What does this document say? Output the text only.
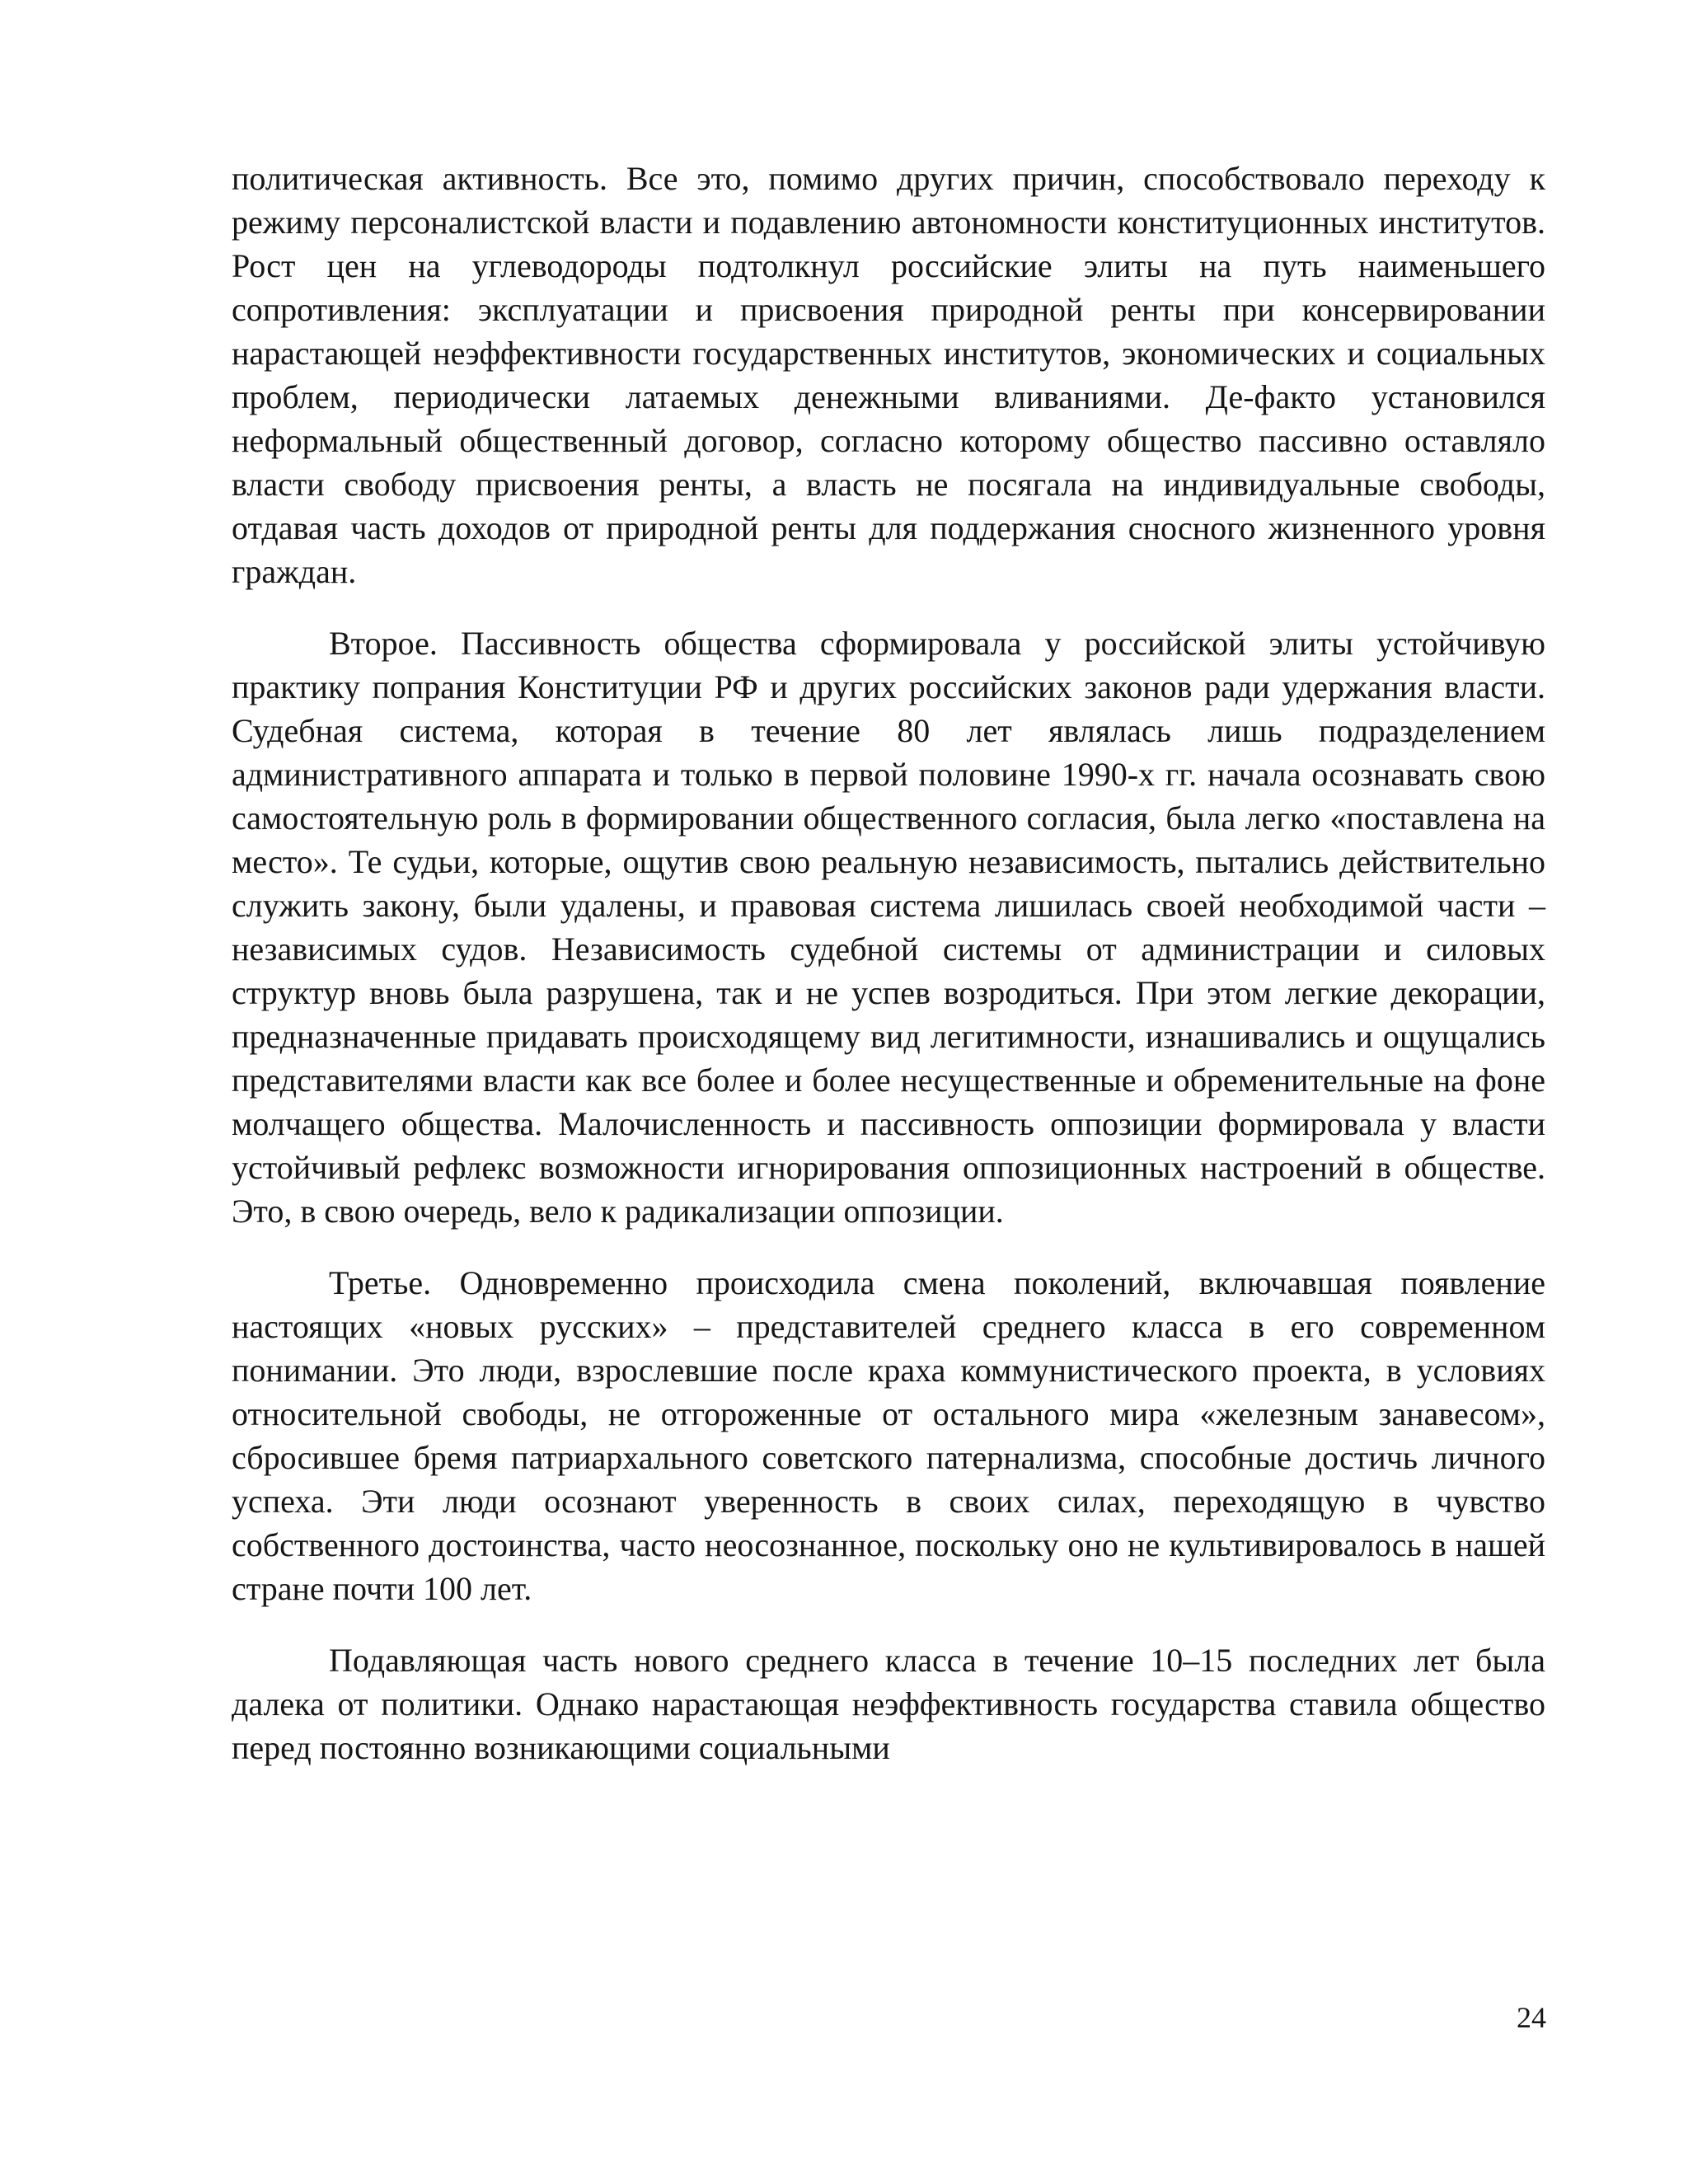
политическая активность. Все это, помимо других причин, способствовало переходу к режиму персоналистской власти и подавлению автономности конституционных институтов. Рост цен на углеводороды подтолкнул российские элиты на путь наименьшего сопротивления: эксплуатации и присвоения природной ренты при консервировании нарастающей неэффективности государственных институтов, экономических и социальных проблем, периодически латаемых денежными вливаниями. Де-факто установился неформальный общественный договор, согласно которому общество пассивно оставляло власти свободу присвоения ренты, а власть не посягала на индивидуальные свободы, отдавая часть доходов от природной ренты для поддержания сносного жизненного уровня граждан.

Второе. Пассивность общества сформировала у российской элиты устойчивую практику попрания Конституции РФ и других российских законов ради удержания власти. Судебная система, которая в течение 80 лет являлась лишь подразделением административного аппарата и только в первой половине 1990-х гг. начала осознавать свою самостоятельную роль в формировании общественного согласия, была легко «поставлена на место». Те судьи, которые, ощутив свою реальную независимость, пытались действительно служить закону, были удалены, и правовая система лишилась своей необходимой части – независимых судов. Независимость судебной системы от администрации и силовых структур вновь была разрушена, так и не успев возродиться. При этом легкие декорации, предназначенные придавать происходящему вид легитимности, изнашивались и ощущались представителями власти как все более и более несущественные и обременительные на фоне молчащего общества. Малочисленность и пассивность оппозиции формировала у власти устойчивый рефлекс возможности игнорирования оппозиционных настроений в обществе. Это, в свою очередь, вело к радикализации оппозиции.

Третье. Одновременно происходила смена поколений, включавшая появление настоящих «новых русских» – представителей среднего класса в его современном понимании. Это люди, взрослевшие после краха коммунистического проекта, в условиях относительной свободы, не отгороженные от остального мира «железным занавесом», сбросившее бремя патриархального советского патернализма, способные достичь личного успеха. Эти люди осознают уверенность в своих силах, переходящую в чувство собственного достоинства, часто неосознанное, поскольку оно не культивировалось в нашей стране почти 100 лет.

Подавляющая часть нового среднего класса в течение 10–15 последних лет была далека от политики. Однако нарастающая неэффективность государства ставила общество перед постоянно возникающими социальными

24
